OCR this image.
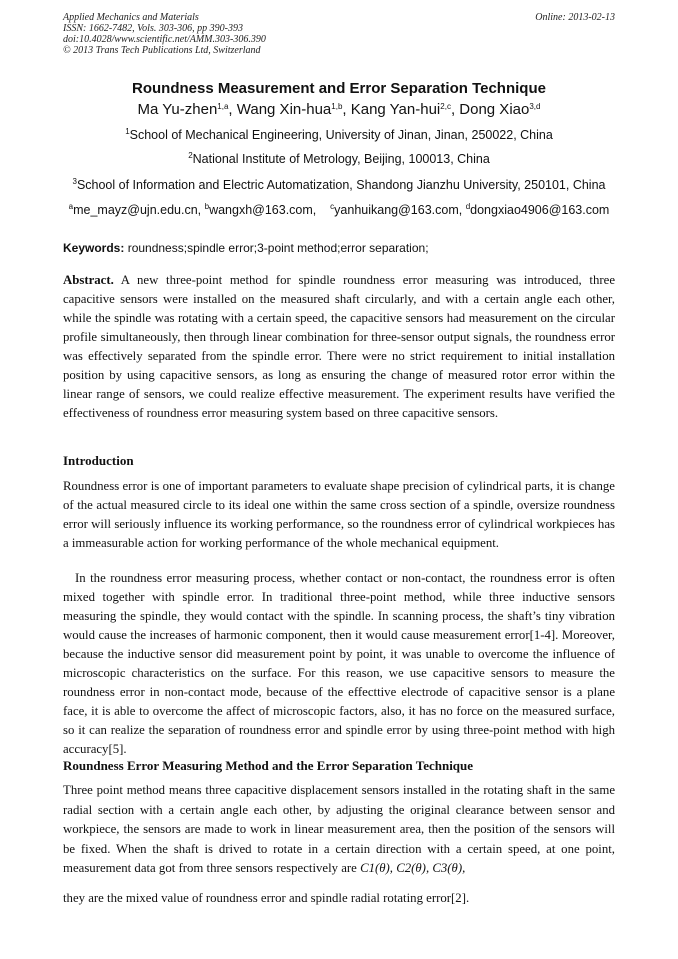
Applied Mechanics and Materials
ISSN: 1662-7482, Vols. 303-306, pp 390-393
doi:10.4028/www.scientific.net/AMM.303-306.390
© 2013 Trans Tech Publications Ltd, Switzerland
Online: 2013-02-13
Roundness Measurement and Error Separation Technique
Ma Yu-zhen$^{1,a}$, Wang Xin-hua$^{1,b}$, Kang Yan-hui$^{2,c}$, Dong Xiao$^{3,d}$
$^1$School of Mechanical Engineering, University of Jinan, Jinan, 250022, China
$^2$National Institute of Metrology, Beijing, 100013, China
$^3$School of Information and Electric Automatization, Shandong Jianzhu University, 250101, China
$^a$me_mayz@ujn.edu.cn, $^b$wangxh@163.com,    $^c$yanhuikang@163.com, $^d$dongxiao4906@163.com
Keywords: roundness;spindle error;3-point method;error separation;
Abstract. A new three-point method for spindle roundness error measuring was introduced, three capacitive sensors were installed on the measured shaft circularly, and with a certain angle each other, while the spindle was rotating with a certain speed, the capacitive sensors had measurement on the circular profile simultaneously, then through linear combination for three-sensor output signals, the roundness error was effectively separated from the spindle error. There were no strict requirement to initial installation position by using capacitive sensors, as long as ensuring the change of measured rotor error within the linear range of sensors, we could realize effective measurement. The experiment results have verified the effectiveness of roundness error measuring system based on three capacitive sensors.
Introduction
Roundness error is one of important parameters to evaluate shape precision of cylindrical parts, it is change of the actual measured circle to its ideal one within the same cross section of a spindle, oversize roundness error will seriously influence its working performance, so the roundness error of cylindrical workpieces has a immeasurable action for working performance of the whole mechanical equipment.
In the roundness error measuring process, whether contact or non-contact, the roundness error is often mixed together with spindle error. In traditional three-point method, while three inductive sensors measuring the spindle, they would contact with the spindle. In scanning process, the shaft’s tiny vibration would cause the increases of harmonic component, then it would cause measurement error[1-4]. Moreover, because the inductive sensor did measurement point by point, it was unable to overcome the influence of microscopic characteristics on the surface. For this reason, we use capacitive sensors to measure the roundness error in non-contact mode, because of the effecttive electrode of capacitive sensor is a plane face, it is able to overcome the affect of microscopic factors, also, it has no force on the measured surface, so it can realize the separation of roundness error and spindle error by using three-point method with high accuracy[5].
Roundness Error Measuring Method and the Error Separation Technique
Three point method means three capacitive displacement sensors installed in the rotating shaft in the same radial section with a certain angle each other, by adjusting the original clearance between sensor and workpiece, the sensors are made to work in linear measurement area, then the position of the sensors will be fixed. When the shaft is drived to rotate in a certain direction with a certain speed, at one point, measurement data got from three sensors respectively are C1(θ), C2(θ), C3(θ),
they are the mixed value of roundness error and spindle radial rotating error[2].
